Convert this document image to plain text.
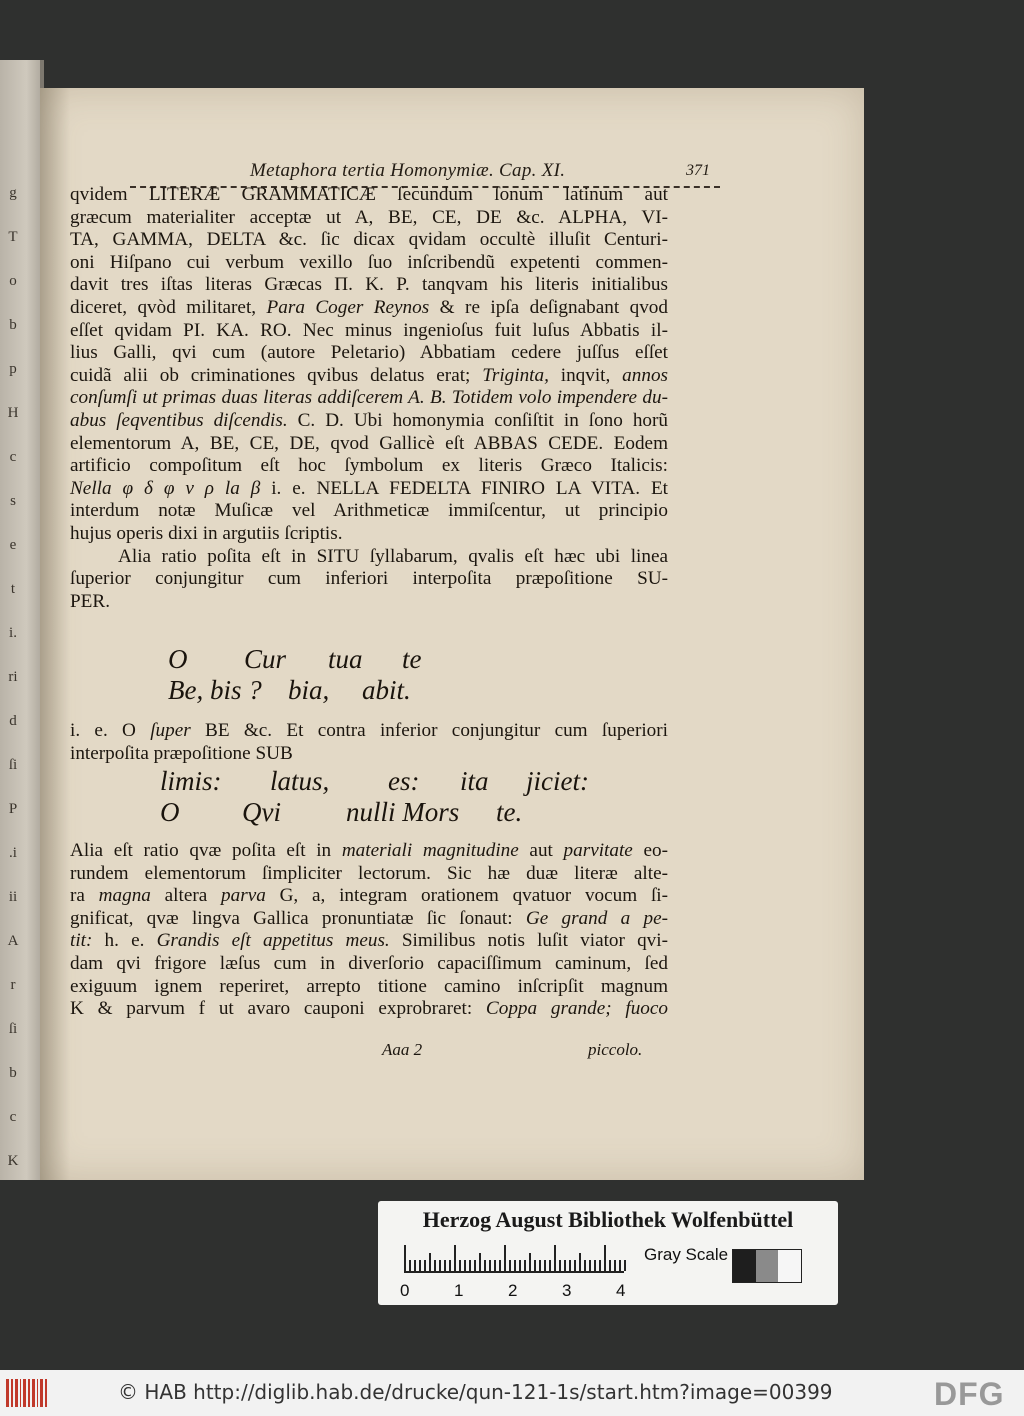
g
T
o
b
p
H
c
s
e
t
i.
ri
d
ſi
P
.i
ii
A
r
ſi
b
c
K
Metaphora tertia Homonymiæ. Cap. XI.	371
qvidem LITERÆ GRAMMATICÆ ſecundum ſonum latinum aut
græcum materialiter acceptæ ut A, BE, CE, DE &c. ALPHA, VI-
TA, GAMMA, DELTA &c. ſic dicax qvidam occultè illuſit Centuri-
oni Hiſpano cui verbum vexillo ſuo inſcribendũ expetenti commen-
davit tres iſtas literas Græcas Π. K. P. tanqvam his literis initialibus
diceret, qvòd militaret, Para Coger Reynos & re ipſa deſignabant qvod
eſſet qvidam PI. KA. RO. Nec minus ingenioſus fuit luſus Abbatis il-
lius Galli, qvi cum (autore Peletario) Abbatiam cedere juſſus eſſet
cuidã alii ob criminationes qvibus delatus erat; Triginta, inqvit, annos
conſumſi ut primas duas literas addiſcerem A. B. Totidem volo impendere du-
abus ſeqventibus diſcendis. C. D. Ubi homonymia conſiſtit in ſono horũ
elementorum A, BE, CE, DE, qvod Gallicè eſt ABBAS CEDE. Eodem
artificio compoſitum eſt hoc ſymbolum ex literis Græco Italicis:
Nella φ δ φ ν ρ la β i. e. NELLA FEDELTA FINIRO LA VITA. Et
interdum notæ Muſicæ vel Arithmeticæ immiſcentur, ut principio
hujus operis dixi in argutiis ſcriptis.
Alia ratio poſita eſt in SITU ſyllabarum, qvalis eſt hæc ubi linea
ſuperior conjungitur cum inferiori interpoſita præpoſitione SU-
PER.
O Cur tua te
Be, bis ? bia, abit.
i. e. O ſuper BE &c. Et contra inferior conjungitur cum ſuperiori
interpoſita præpoſitione SUB
limis: latus, es: ita jiciet:
O Qvi nulli Mors te.
Alia eſt ratio qvæ poſita eſt in materiali magnitudine aut parvitate eo-
rundem elementorum ſimpliciter lectorum. Sic hæ duæ literæ alte-
ra magna altera parva G, a, integram orationem qvatuor vocum ſi-
gnificat, qvæ lingva Gallica pronuntiatæ ſic ſonaut: Ge grand a pe-
tit: h. e. Grandis eſt appetitus meus. Similibus notis luſit viator qvi-
dam qvi frigore læſus cum in diverſorio capaciſſimum caminum, ſed
exiguum ignem reperiret, arrepto titione camino inſcripſit magnum
K & parvum f ut avaro cauponi exprobraret: Coppa grande; fuoco
Aaa 2	piccolo.
Herzog August Bibliothek Wolfenbüttel
0	1	2	3	4
Gray Scale
© HAB http://diglib.hab.de/drucke/qun-121-1s/start.htm?image=00399	DFG
